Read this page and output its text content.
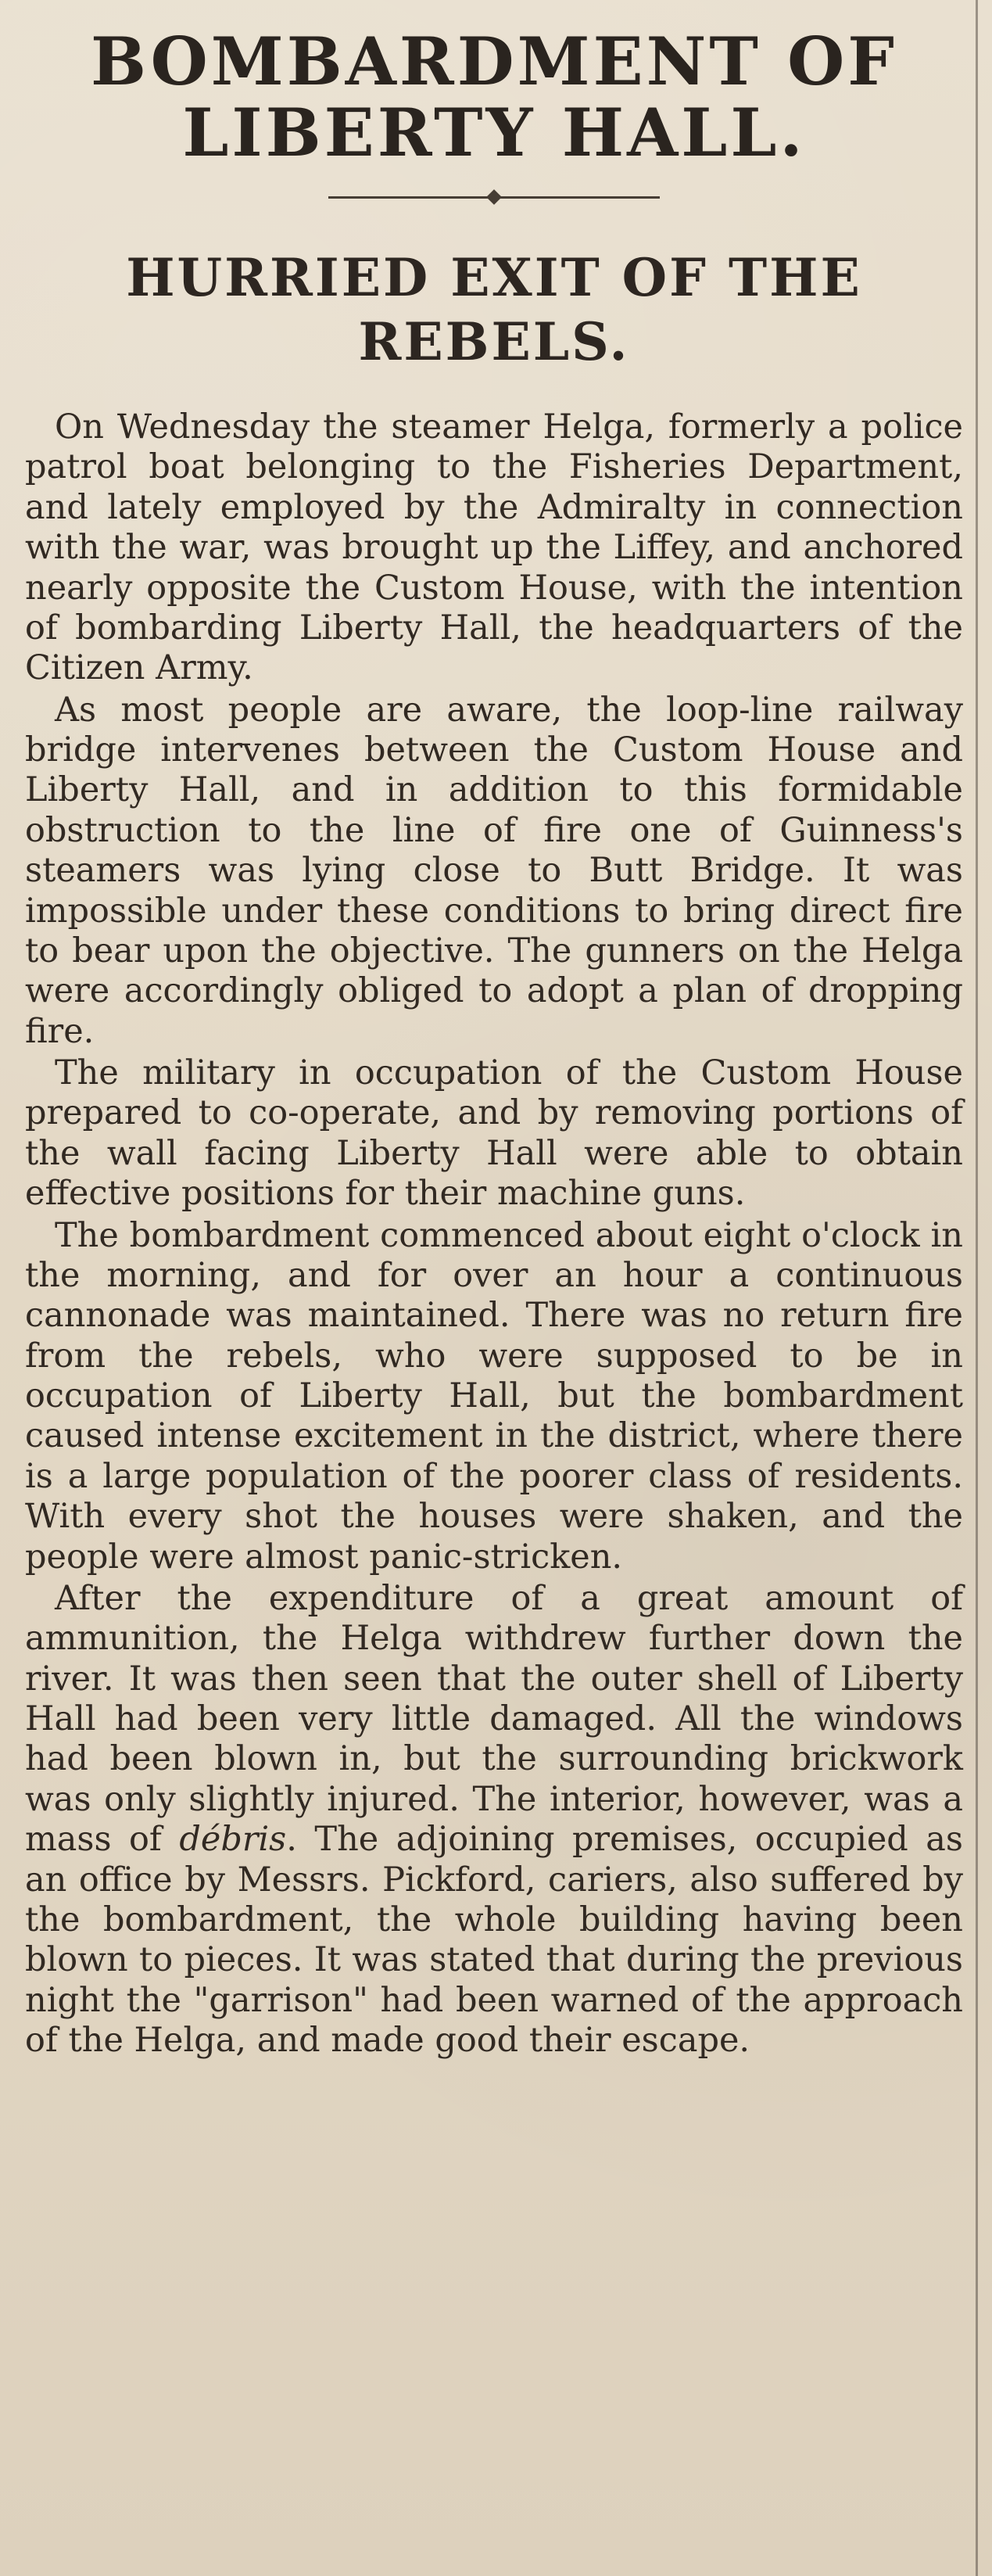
BOMBARDMENT OF LIBERTY HALL.
HURRIED EXIT OF THE REBELS.

On Wednesday the steamer Helga, formerly a police patrol boat belonging to the Fisheries Department, and lately employed by the Admiralty in connection with the war, was brought up the Liffey, and anchored nearly opposite the Custom House, with the intention of bombarding Liberty Hall, the headquarters of the Citizen Army.

As most people are aware, the loop-line railway bridge intervenes between the Custom House and Liberty Hall, and in addition to this formidable obstruction to the line of fire one of Guinness's steamers was lying close to Butt Bridge. It was impossible under these conditions to bring direct fire to bear upon the objective. The gunners on the Helga were accordingly obliged to adopt a plan of dropping fire.

The military in occupation of the Custom House prepared to co-operate, and by removing portions of the wall facing Liberty Hall were able to obtain effective positions for their machine guns.

The bombardment commenced about eight o'clock in the morning, and for over an hour a continuous cannonade was maintained. There was no return fire from the rebels, who were supposed to be in occupation of Liberty Hall, but the bombardment caused intense excitement in the district, where there is a large population of the poorer class of residents. With every shot the houses were shaken, and the people were almost panic-stricken.

After the expenditure of a great amount of ammunition, the Helga withdrew further down the river. It was then seen that the outer shell of Liberty Hall had been very little damaged. All the windows had been blown in, but the surrounding brickwork was only slightly injured. The interior, however, was a mass of débris. The adjoining premises, occupied as an office by Messrs. Pickford, cariers, also suffered by the bombardment, the whole building having been blown to pieces. It was stated that during the previous night the "garrison" had been warned of the approach of the Helga, and made good their escape.
